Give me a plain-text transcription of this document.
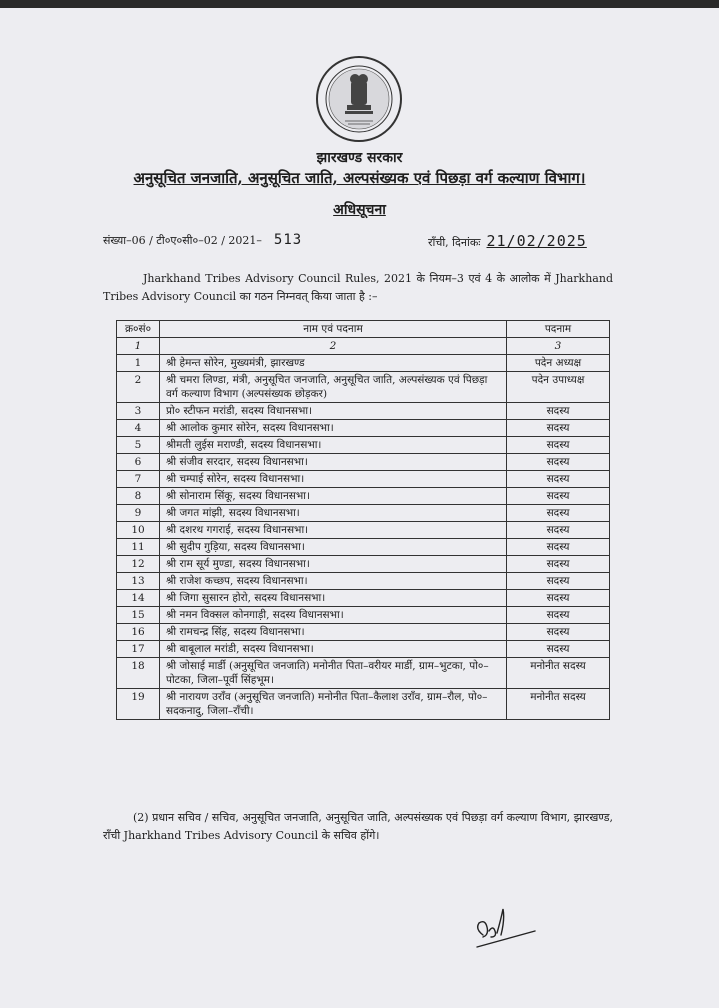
झारखण्ड सरकार
अनुसूचित जनजाति, अनुसूचित जाति, अल्पसंख्यक एवं पिछड़ा वर्ग कल्याण विभाग।
अधिसूचना
संख्या–06 / टी०ए०सी०–02 / 2021– 513	राँची, दिनांकः 21/02/2025
Jharkhand Tribes Advisory Council Rules, 2021 के नियम–3 एवं 4 के आलोक में Jharkhand Tribes Advisory Council का गठन निम्नवत् किया जाता है :–
क्र०सं०	नाम एवं पदनाम	पदनाम
1	2	3
1	श्री हेमन्त सोरेन, मुख्यमंत्री, झारखण्ड	पदेन अध्यक्ष
2	श्री चमरा लिण्डा, मंत्री, अनुसूचित जनजाति, अनुसूचित जाति, अल्पसंख्यक एवं पिछड़ा वर्ग कल्याण विभाग (अल्पसंख्यक छोड़कर)	पदेन उपाध्यक्ष
3	प्रो० स्टीफन मरांडी, सदस्य विधानसभा।	सदस्य
4	श्री आलोक कुमार सोरेन, सदस्य विधानसभा।	सदस्य
5	श्रीमती लुईस मराण्डी, सदस्य विधानसभा।	सदस्य
6	श्री संजीव सरदार, सदस्य विधानसभा।	सदस्य
7	श्री चम्पाई सोरेन, सदस्य विधानसभा।	सदस्य
8	श्री सोनाराम सिंकू, सदस्य विधानसभा।	सदस्य
9	श्री जगत मांझी, सदस्य विधानसभा।	सदस्य
10	श्री दशरथ गगराई, सदस्य विधानसभा।	सदस्य
11	श्री सुदीप गुड़िया, सदस्य विधानसभा।	सदस्य
12	श्री राम सूर्य मुण्डा, सदस्य विधानसभा।	सदस्य
13	श्री राजेश कच्छप, सदस्य विधानसभा।	सदस्य
14	श्री जिगा सुसारन होरो, सदस्य विधानसभा।	सदस्य
15	श्री नमन विक्सल कोनगाड़ी, सदस्य विधानसभा।	सदस्य
16	श्री रामचन्द्र सिंह, सदस्य विधानसभा।	सदस्य
17	श्री बाबूलाल मरांडी, सदस्य विधानसभा।	सदस्य
18	श्री जोसाई मार्डी (अनुसूचित जनजाति) मनोनीत पिता–वरीयर मार्डी, ग्राम–भुटका, पो०–पोटका, जिला–पूर्वी सिंहभूम।	मनोनीत सदस्य
19	श्री नारायण उराँव (अनुसूचित जनजाति) मनोनीत पिता–कैलाश उराँव, ग्राम–रौल, पो०–सदकनादु, जिला–राँची।	मनोनीत सदस्य
(2) प्रधान सचिव / सचिव, अनुसूचित जनजाति, अनुसूचित जाति, अल्पसंख्यक एवं पिछड़ा वर्ग कल्याण विभाग, झारखण्ड, राँची Jharkhand Tribes Advisory Council के सचिव होंगे।
